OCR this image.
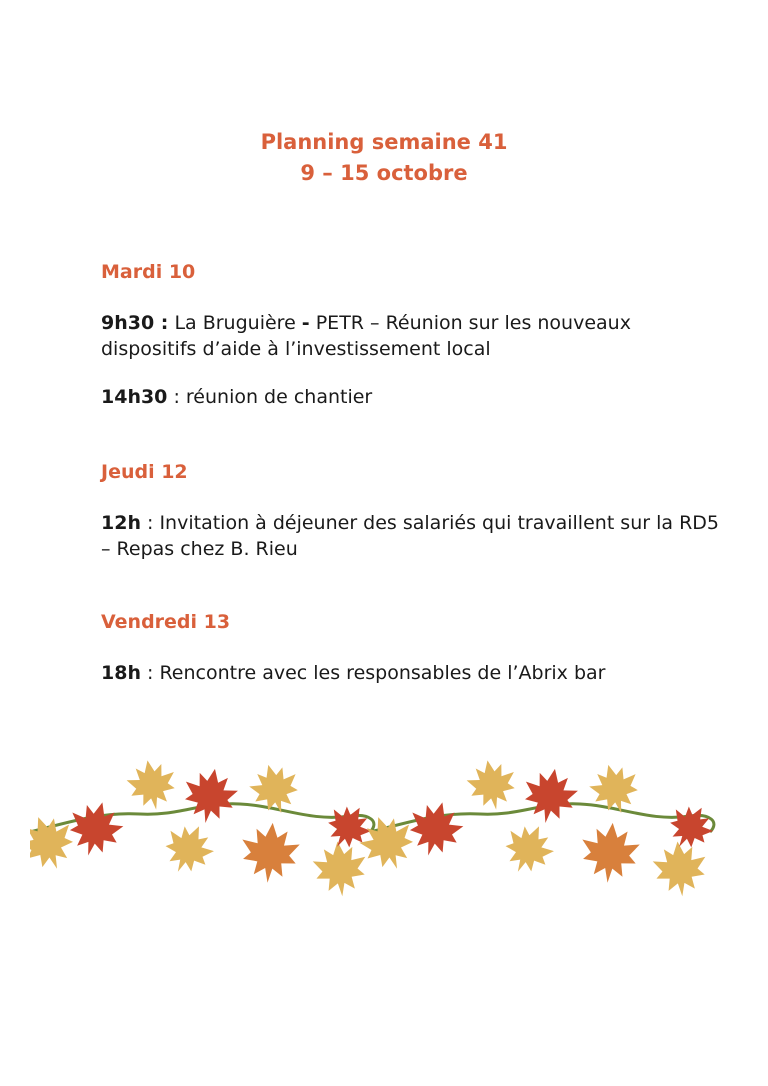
Planning semaine 41
9 – 15 octobre
Mardi 10
9h30 : La Bruguière - PETR – Réunion sur les nouveaux dispositifs d’aide à l’investissement local
14h30 : réunion de chantier
Jeudi 12
12h : Invitation à déjeuner des salariés qui travaillent sur la RD5 – Repas chez B. Rieu
Vendredi 13
18h : Rencontre avec les responsables de l’Abrix bar
